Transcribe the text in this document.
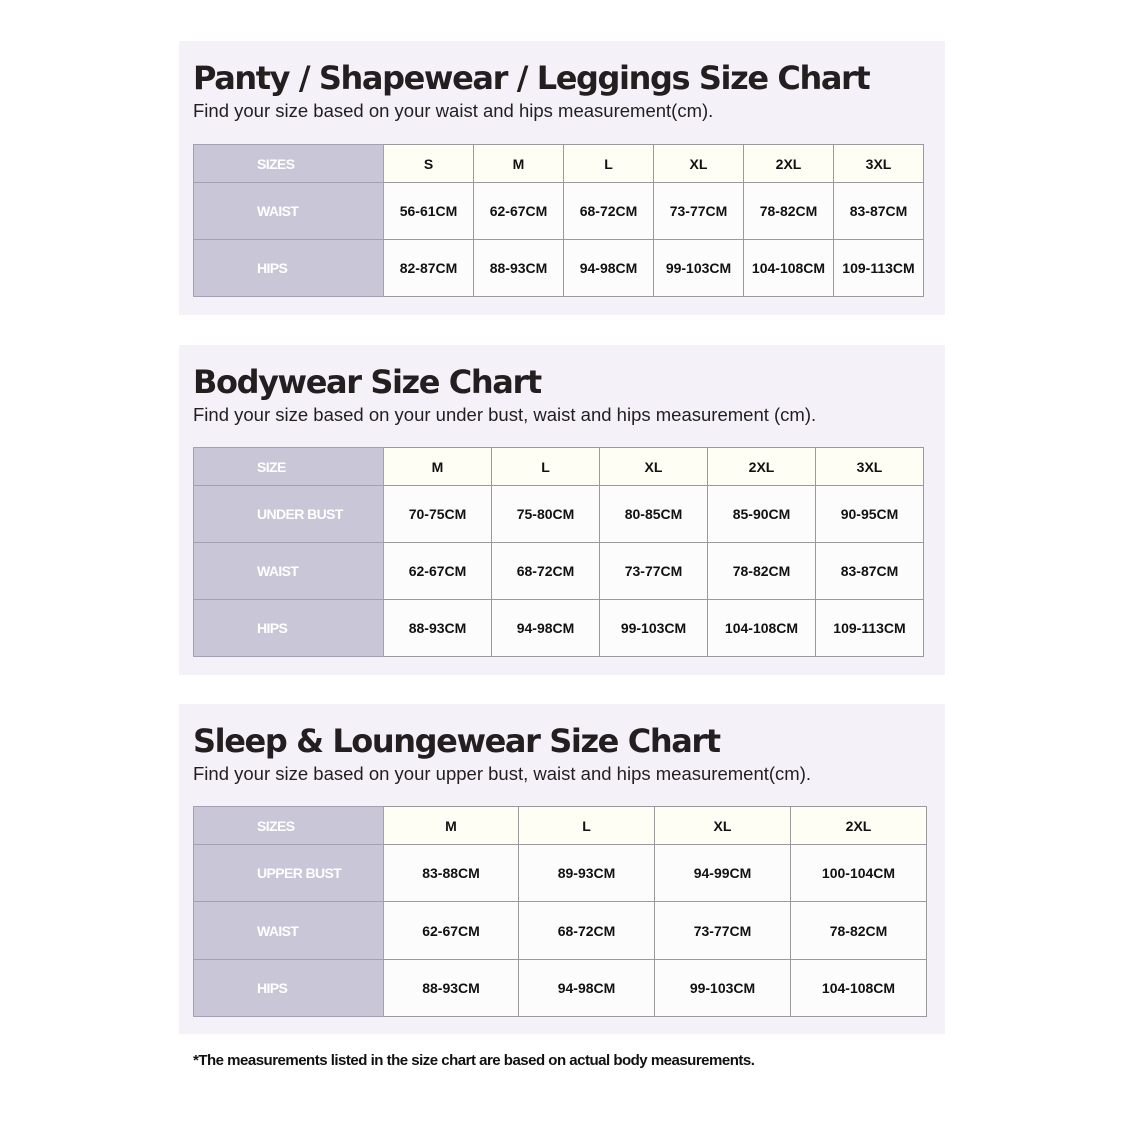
Panty / Shapewear / Leggings Size Chart

Find your size based on your waist and hips measurement(cm).

SIZES	S	M	L	XL	2XL	3XL
WAIST	56-61CM	62-67CM	68-72CM	73-77CM	78-82CM	83-87CM
HIPS	82-87CM	88-93CM	94-98CM	99-103CM	104-108CM	109-113CM
Bodywear Size Chart

Find your size based on your under bust, waist and hips measurement (cm).

SIZE	M	L	XL	2XL	3XL
UNDER BUST	70-75CM	75-80CM	80-85CM	85-90CM	90-95CM
WAIST	62-67CM	68-72CM	73-77CM	78-82CM	83-87CM
HIPS	88-93CM	94-98CM	99-103CM	104-108CM	109-113CM
Sleep & Loungewear Size Chart

Find your size based on your upper bust, waist and hips measurement(cm).

SIZES	M	L	XL	2XL
UPPER BUST	83-88CM	89-93CM	94-99CM	100-104CM
WAIST	62-67CM	68-72CM	73-77CM	78-82CM
HIPS	88-93CM	94-98CM	99-103CM	104-108CM

*The measurements listed in the size chart are based on actual body measurements.
